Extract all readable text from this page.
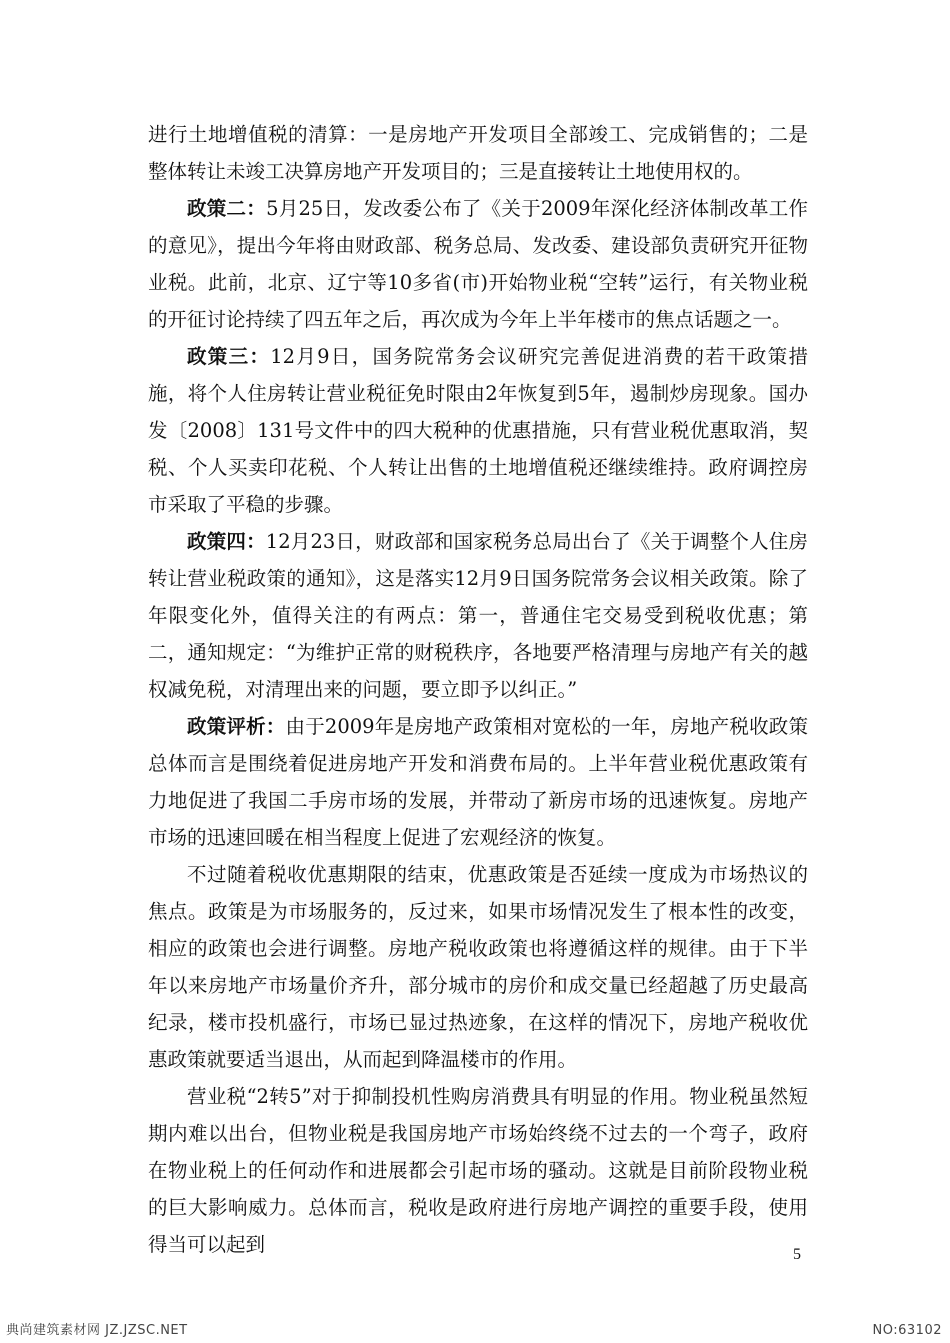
进行土地增值税的清算：一是房地产开发项目全部竣工、完成销售的；二是整体转让未竣工决算房地产开发项目的；三是直接转让土地使用权的。

政策二：5月25日，发改委公布了《关于2009年深化经济体制改革工作的意见》，提出今年将由财政部、税务总局、发改委、建设部负责研究开征物业税。此前，北京、辽宁等10多省(市)开始物业税“空转”运行，有关物业税的开征讨论持续了四五年之后，再次成为今年上半年楼市的焦点话题之一。

政策三：12月9日，国务院常务会议研究完善促进消费的若干政策措施，将个人住房转让营业税征免时限由2年恢复到5年，遏制炒房现象。国办发〔2008〕131号文件中的四大税种的优惠措施，只有营业税优惠取消，契税、个人买卖印花税、个人转让出售的土地增值税还继续维持。政府调控房市采取了平稳的步骤。

政策四：12月23日，财政部和国家税务总局出台了《关于调整个人住房转让营业税政策的通知》，这是落实12月9日国务院常务会议相关政策。除了年限变化外，值得关注的有两点：第一，普通住宅交易受到税收优惠；第二，通知规定：“为维护正常的财税秩序，各地要严格清理与房地产有关的越权减免税，对清理出来的问题，要立即予以纠正。”

政策评析：由于2009年是房地产政策相对宽松的一年，房地产税收政策总体而言是围绕着促进房地产开发和消费布局的。上半年营业税优惠政策有力地促进了我国二手房市场的发展，并带动了新房市场的迅速恢复。房地产市场的迅速回暖在相当程度上促进了宏观经济的恢复。

不过随着税收优惠期限的结束，优惠政策是否延续一度成为市场热议的焦点。政策是为市场服务的，反过来，如果市场情况发生了根本性的改变，相应的政策也会进行调整。房地产税收政策也将遵循这样的规律。由于下半年以来房地产市场量价齐升，部分城市的房价和成交量已经超越了历史最高纪录，楼市投机盛行，市场已显过热迹象，在这样的情况下，房地产税收优惠政策就要适当退出，从而起到降温楼市的作用。

营业税“2转5”对于抑制投机性购房消费具有明显的作用。物业税虽然短期内难以出台，但物业税是我国房地产市场始终绕不过去的一个弯子，政府在物业税上的任何动作和进展都会引起市场的骚动。这就是目前阶段物业税的巨大影响威力。总体而言，税收是政府进行房地产调控的重要手段，使用得当可以起到	5
典尚建筑素材网 JZ.JZSC.NET	NO:63102
